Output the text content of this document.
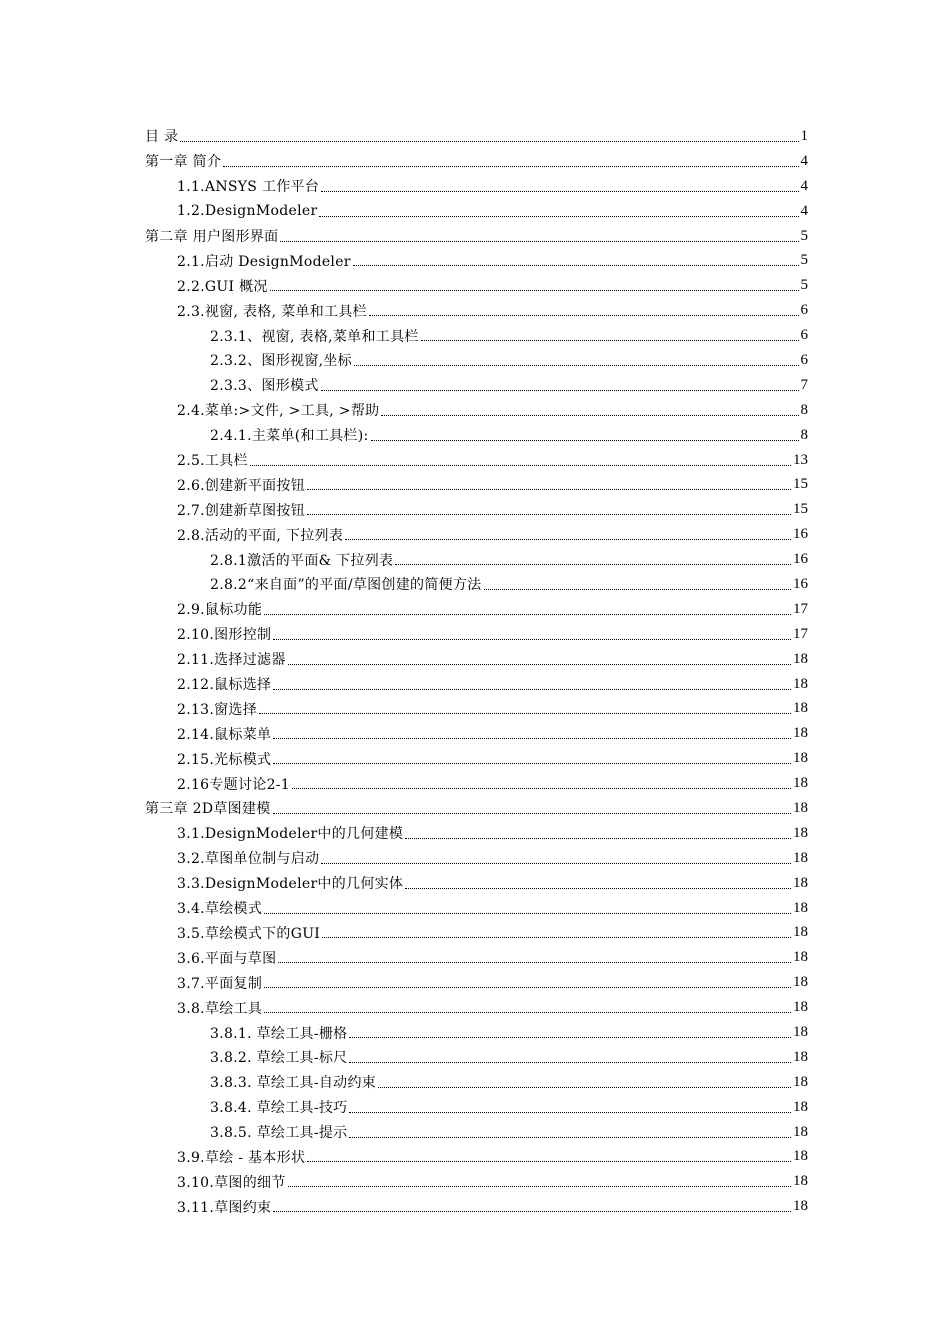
目 录	1
第一章 简介	4
1.1.ANSYS 工作平台	4
1.2.DesignModeler	4
第二章 用户图形界面	5
2.1.启动 DesignModeler	5
2.2.GUI 概况	5
2.3.视窗, 表格, 菜单和工具栏	6
2.3.1、视窗, 表格,菜单和工具栏	6
2.3.2、图形视窗,坐标	6
2.3.3、图形模式	7
2.4.菜单:>文件, >工具, >帮助	8
2.4.1.主菜单(和工具栏):	8
2.5.工具栏	13
2.6.创建新平面按钮	15
2.7.创建新草图按钮	15
2.8.活动的平面, 下拉列表	16
2.8.1激活的平面& 下拉列表	16
2.8.2“来自面”的平面/草图创建的简便方法	16
2.9.鼠标功能	17
2.10.图形控制	17
2.11.选择过滤器	18
2.12.鼠标选择	18
2.13.窗选择	18
2.14.鼠标菜单	18
2.15.光标模式	18
2.16专题讨论2-1	18
第三章 2D草图建模	18
3.1.DesignModeler中的几何建模	18
3.2.草图单位制与启动	18
3.3.DesignModeler中的几何实体	18
3.4.草绘模式	18
3.5.草绘模式下的GUI	18
3.6.平面与草图	18
3.7.平面复制	18
3.8.草绘工具	18
3.8.1. 草绘工具-栅格	18
3.8.2. 草绘工具-标尺	18
3.8.3. 草绘工具-自动约束	18
3.8.4. 草绘工具-技巧	18
3.8.5. 草绘工具-提示	18
3.9.草绘 - 基本形状	18
3.10.草图的细节	18
3.11.草图约束	18
